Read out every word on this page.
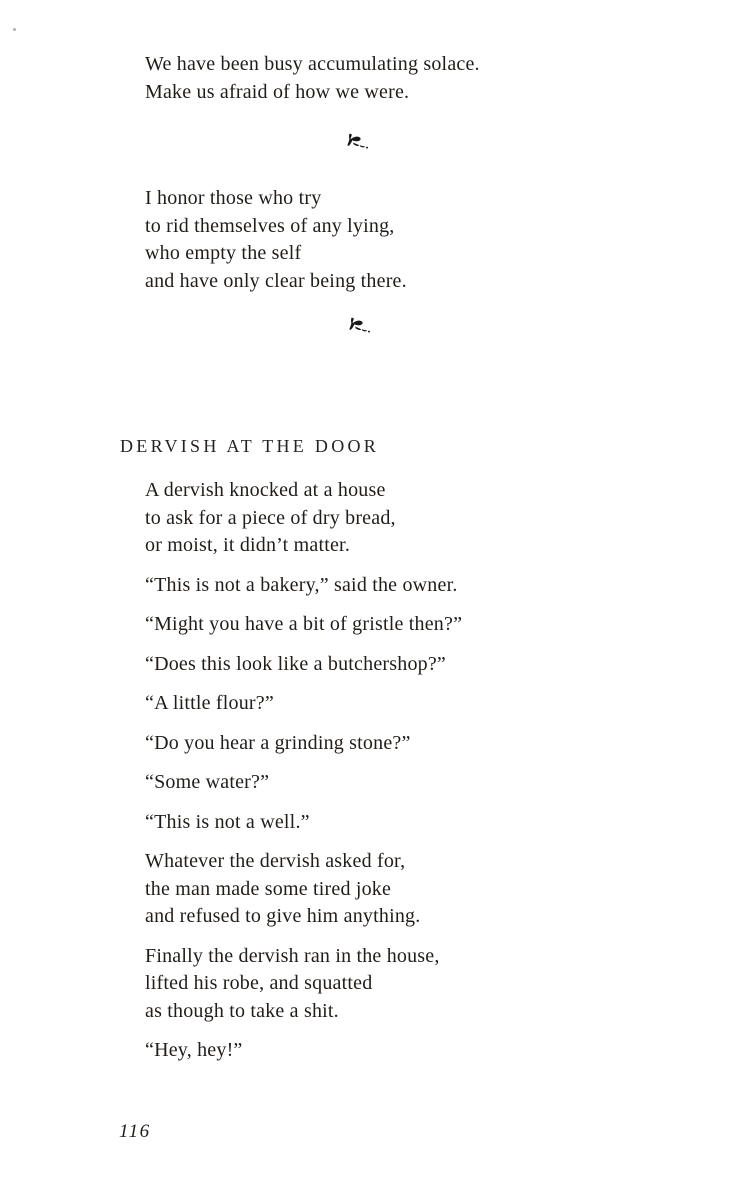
We have been busy accumulating solace.
Make us afraid of how we were.
I honor those who try
to rid themselves of any lying,
who empty the self
and have only clear being there.
DERVISH AT THE DOOR
A dervish knocked at a house
to ask for a piece of dry bread,
or moist, it didn’t matter.
“This is not a bakery,” said the owner.
“Might you have a bit of gristle then?”
“Does this look like a butchershop?”
“A little flour?”
“Do you hear a grinding stone?”
“Some water?”
“This is not a well.”
Whatever the dervish asked for,
the man made some tired joke
and refused to give him anything.
Finally the dervish ran in the house,
lifted his robe, and squatted
as though to take a shit.
“Hey, hey!”
116
